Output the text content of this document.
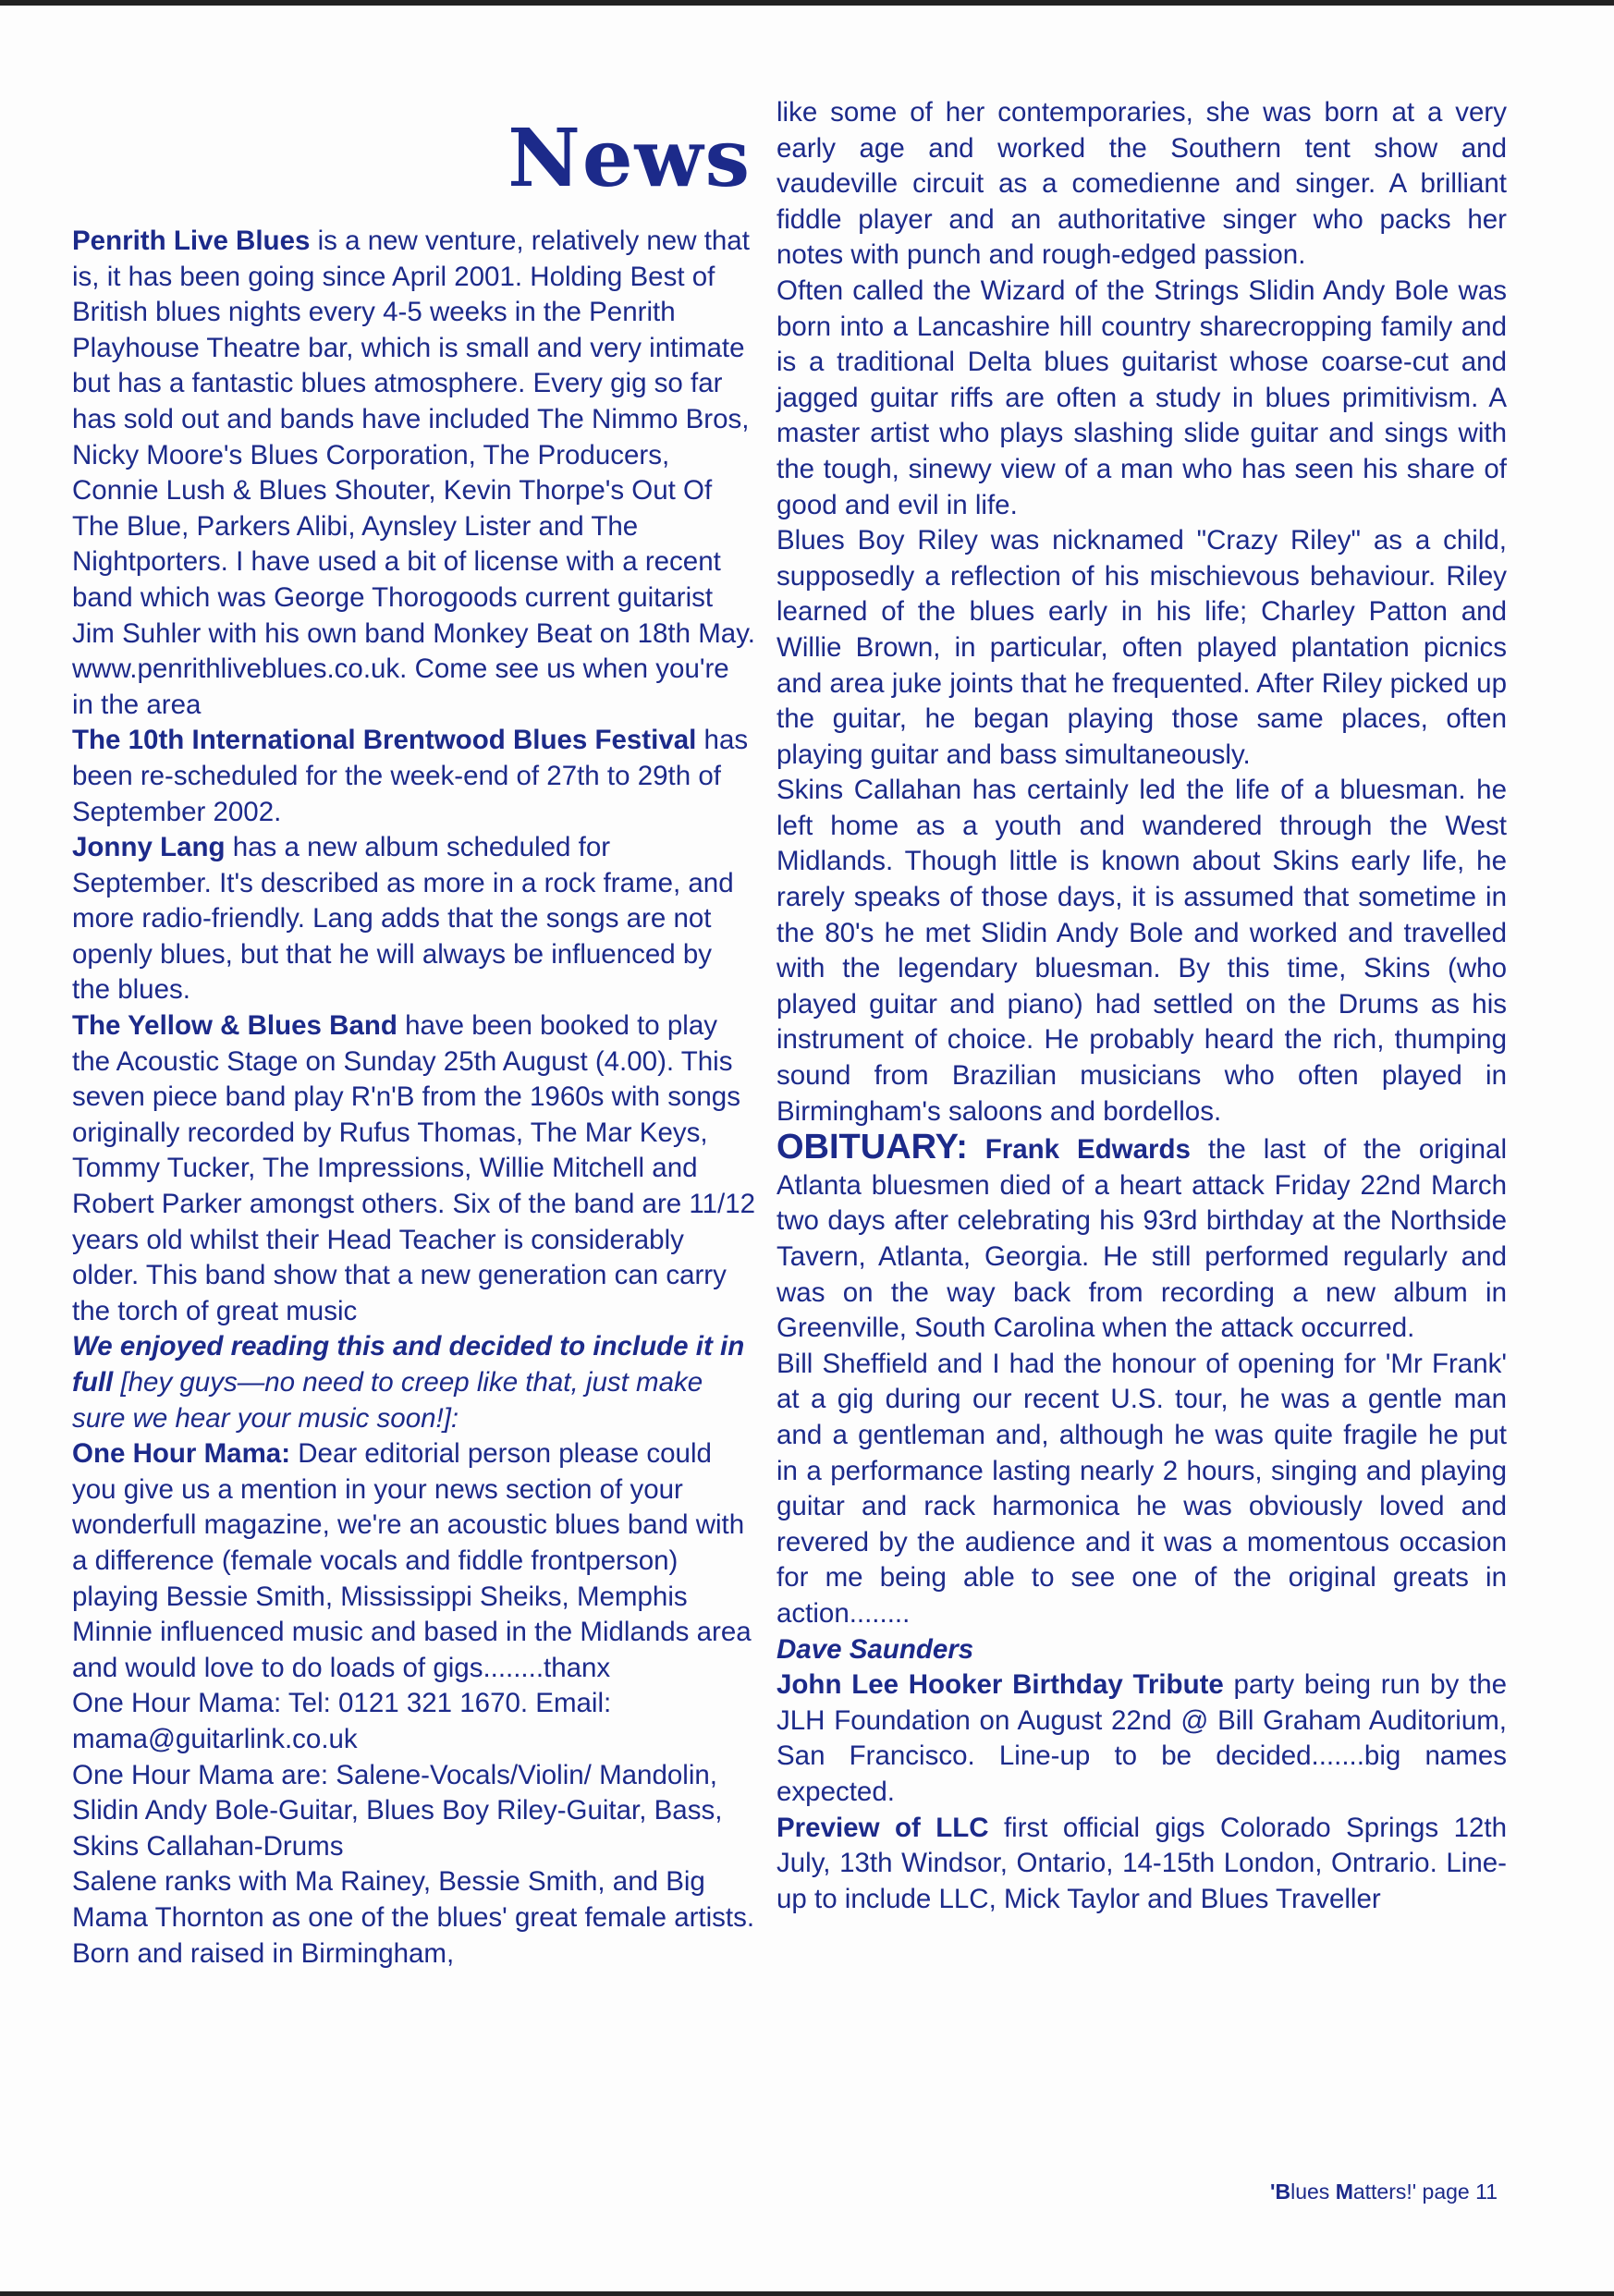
News

Penrith Live Blues is a new venture, relatively new that is, it has been going since April 2001. Holding Best of British blues nights every 4-5 weeks in the Penrith Playhouse Theatre bar, which is small and very intimate but has a fantastic blues atmosphere. Every gig so far has sold out and bands have included The Nimmo Bros, Nicky Moore's Blues Corporation, The Producers, Connie Lush & Blues Shouter, Kevin Thorpe's Out Of The Blue, Parkers Alibi, Aynsley Lister and The Nightporters. I have used a bit of license with a recent band which was George Thorogoods current guitarist Jim Suhler with his own band Monkey Beat on 18th May. www.penrithliveblues.co.uk. Come see us when you're in the area

The 10th International Brentwood Blues Festival has been re-scheduled for the week-end of 27th to 29th of September 2002.

Jonny Lang has a new album scheduled for September. It's described as more in a rock frame, and more radio-friendly. Lang adds that the songs are not openly blues, but that he will always be influenced by the blues.

The Yellow & Blues Band have been booked to play the Acoustic Stage on Sunday 25th August (4.00). This seven piece band play R'n'B from the 1960s with songs originally recorded by Rufus Thomas, The Mar Keys, Tommy Tucker, The Impressions, Willie Mitchell and Robert Parker amongst others. Six of the band are 11/12 years old whilst their Head Teacher is considerably older. This band show that a new generation can carry the torch of great music

We enjoyed reading this and decided to include it in full [hey guys—no need to creep like that, just make sure we hear your music soon!]:

One Hour Mama: Dear editorial person please could you give us a mention in your news section of your wonderfull magazine, we're an acoustic blues band with a difference (female vocals and fiddle frontperson) playing Bessie Smith, Mississippi Sheiks, Memphis Minnie influenced music and based in the Midlands area and would love to do loads of gigs........thanx

One Hour Mama: Tel: 0121 321 1670. Email: mama@guitarlink.co.uk

One Hour Mama are: Salene-Vocals/Violin/ Mandolin, Slidin Andy Bole-Guitar, Blues Boy Riley-Guitar, Bass, Skins Callahan-Drums

Salene ranks with Ma Rainey, Bessie Smith, and Big Mama Thornton as one of the blues' great female artists. Born and raised in Birmingham,

like some of her contemporaries, she was born at a very early age and worked the Southern tent show and vaudeville circuit as a comedienne and singer. A brilliant fiddle player and an authoritative singer who packs her notes with punch and rough-edged passion.

Often called the Wizard of the Strings Slidin Andy Bole was born into a Lancashire hill country sharecropping family and is a traditional Delta blues guitarist whose coarse-cut and jagged guitar riffs are often a study in blues primitivism. A master artist who plays slashing slide guitar and sings with the tough, sinewy view of a man who has seen his share of good and evil in life.

Blues Boy Riley was nicknamed "Crazy Riley" as a child, supposedly a reflection of his mischievous behaviour. Riley learned of the blues early in his life; Charley Patton and Willie Brown, in particular, often played plantation picnics and area juke joints that he frequented. After Riley picked up the guitar, he began playing those same places, often playing guitar and bass simultaneously.

Skins Callahan has certainly led the life of a bluesman. he left home as a youth and wandered through the West Midlands. Though little is known about Skins early life, he rarely speaks of those days, it is assumed that sometime in the 80's he met Slidin Andy Bole and worked and travelled with the legendary bluesman. By this time, Skins (who played guitar and piano) had settled on the Drums as his instrument of choice. He probably heard the rich, thumping sound from Brazilian musicians who often played in Birmingham's saloons and bordellos.

OBITUARY: Frank Edwards the last of the original Atlanta bluesmen died of a heart attack Friday 22nd March two days after celebrating his 93rd birthday at the Northside Tavern, Atlanta, Georgia. He still performed regularly and was on the way back from recording a new album in Greenville, South Carolina when the attack occurred.

Bill Sheffield and I had the honour of opening for 'Mr Frank' at a gig during our recent U.S. tour, he was a gentle man and a gentleman and, although he was quite fragile he put in a performance lasting nearly 2 hours, singing and playing guitar and rack harmonica he was obviously loved and revered by the audience and it was a momentous occasion for me being able to see one of the original greats in action........

Dave Saunders

John Lee Hooker Birthday Tribute party being run by the JLH Foundation on August 22nd @ Bill Graham Auditorium, San Francisco. Line-up to be decided.......big names expected.

Preview of LLC first official gigs Colorado Springs 12th July, 13th Windsor, Ontario, 14-15th London, Ontrario. Line-up to include LLC, Mick Taylor and Blues Traveller

'Blues Matters!' page 11
